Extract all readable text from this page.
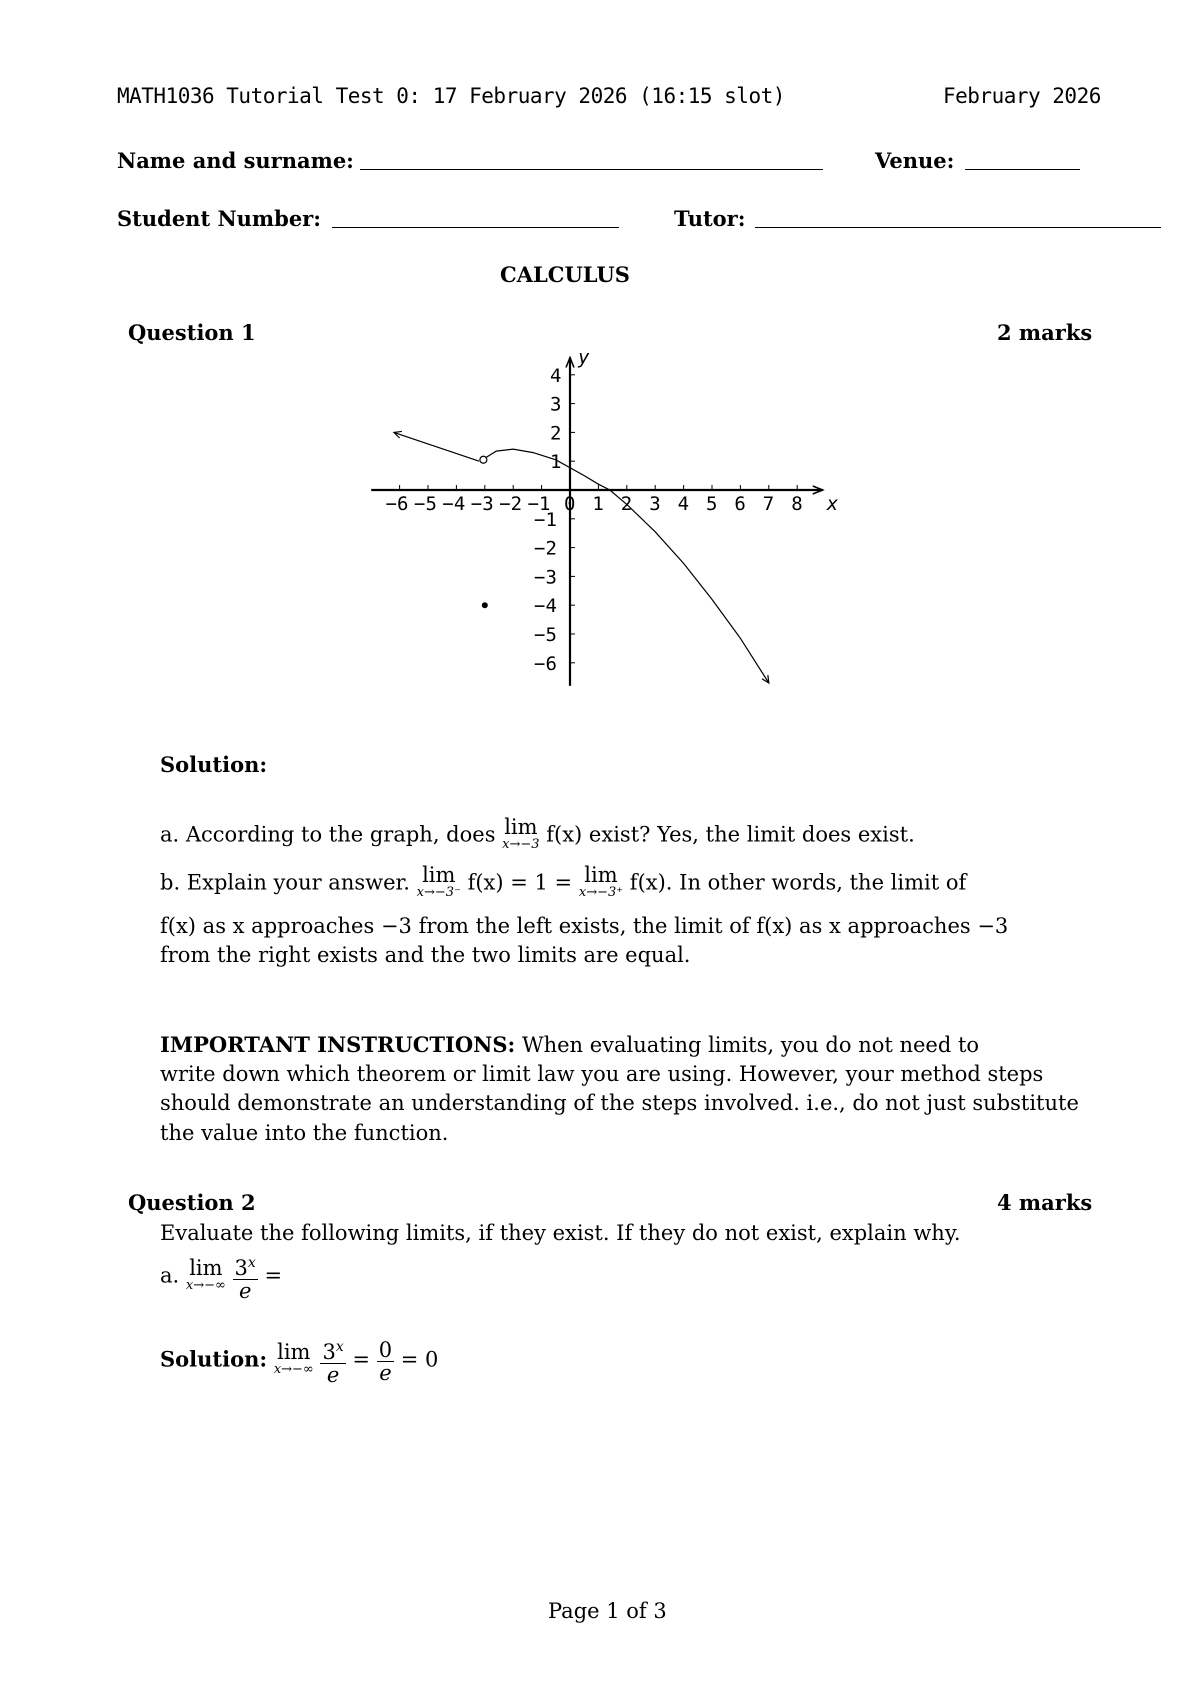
MATH1036 Tutorial Test 0: 17 February 2026 (16:15 slot)	February 2026
Name and surname:	Venue:
Student Number:	Tutor:
CALCULUS
Question 1	2 marks
x
y
−6 −5 −4 −3 −2 −1 0 1 2 3 4 5 6 7 8
−6
−5
−4
−3
−2
−1
1
2
3
4
Solution:
a. According to the graph, does lim
x→−3 f(x) exist? Yes, the limit does exist.
b. Explain your answer. lim
x→−3⁻ f(x) = 1 = lim
x→−3⁺ f(x). In other words, the limit of
f(x) as x approaches −3 from the left exists, the limit of f(x) as x approaches −3
from the right exists and the two limits are equal.
IMPORTANT INSTRUCTIONS: When evaluating limits, you do not need to
write down which theorem or limit law you are using. However, your method steps
should demonstrate an understanding of the steps involved. i.e., do not just substitute
the value into the function.
Question 2	4 marks
Evaluate the following limits, if they exist. If they do not exist, explain why.
a. lim
x→−∞
$\frac{3^x}{e}$ =
Solution: lim
x→−∞
$\frac{3^x}{e} = \frac{0}{e} = 0$
Page 1 of 3
